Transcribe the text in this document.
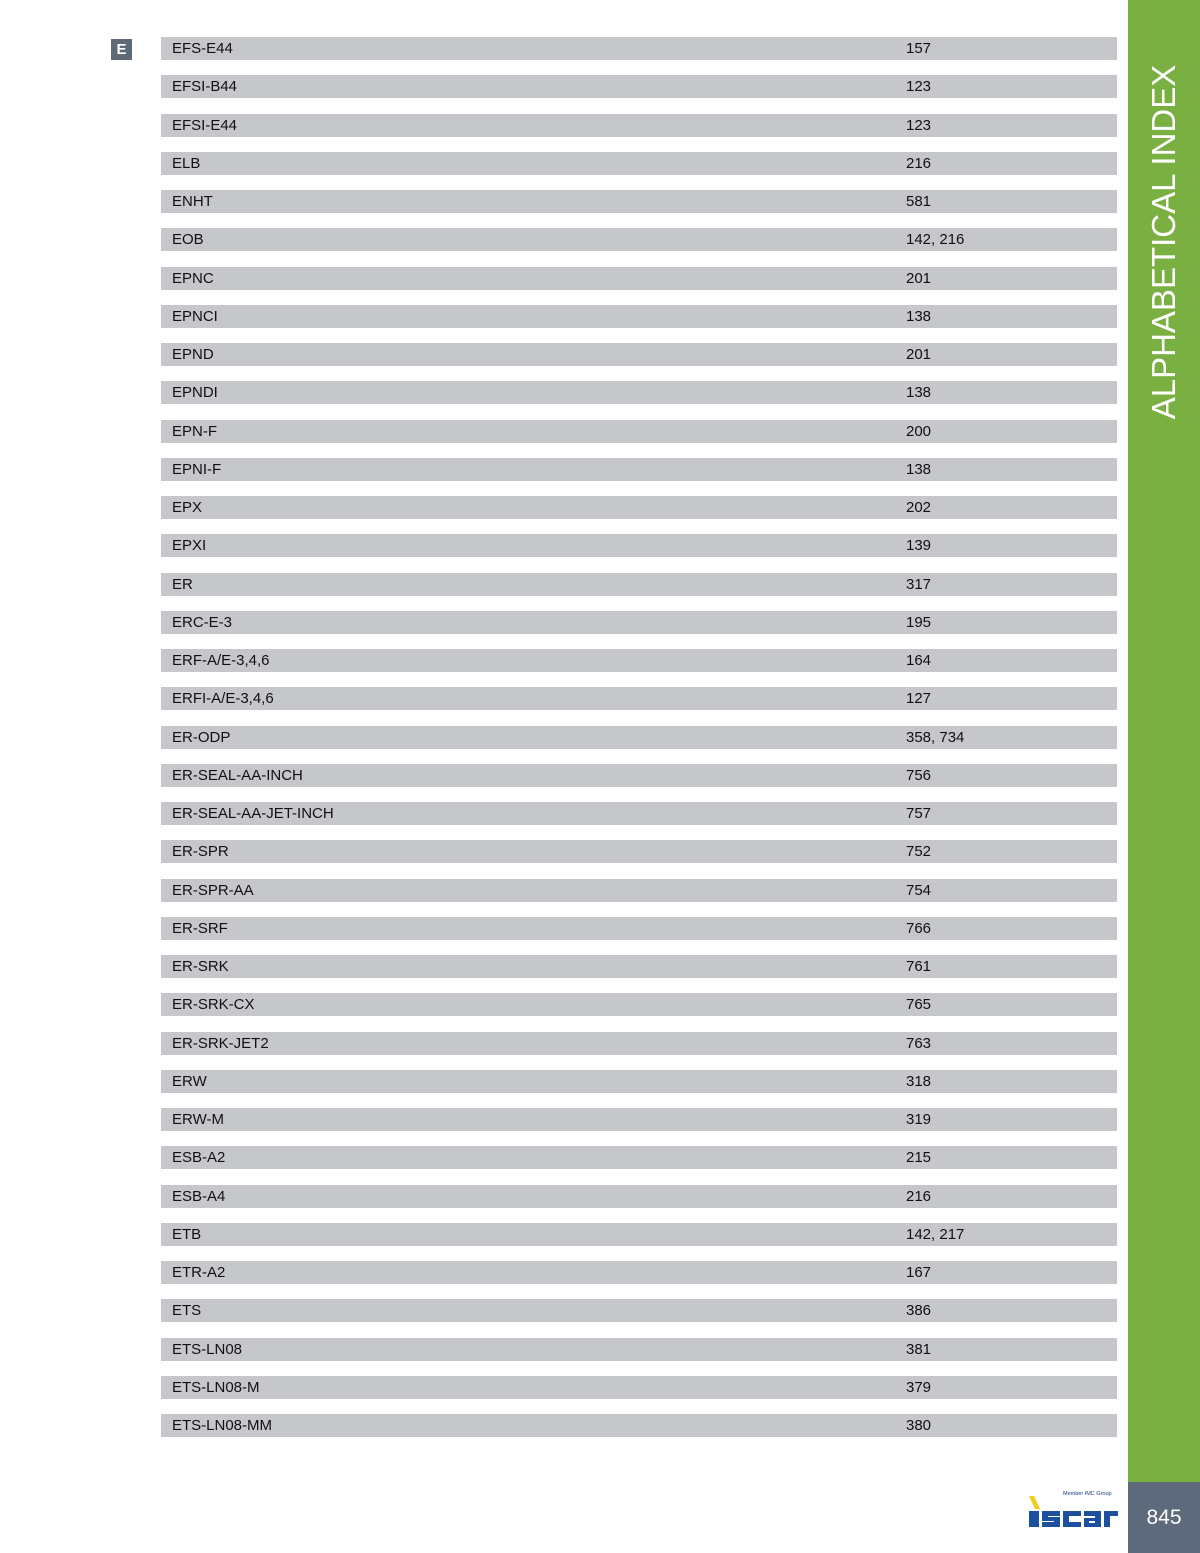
E	EFS-E44	157
EFSI-B44	123
EFSI-E44	123
ELB	216
ENHT	581
EOB	142, 216
EPNC	201
EPNCI	138
EPND	201
EPNDI	138
EPN-F	200
EPNI-F	138
EPX	202
EPXI	139
ER	317
ERC-E-3	195
ERF-A/E-3,4,6	164
ERFI-A/E-3,4,6	127
ER-ODP	358, 734
ER-SEAL-AA-INCH	756
ER-SEAL-AA-JET-INCH	757
ER-SPR	752
ER-SPR-AA	754
ER-SRF	766
ER-SRK	761
ER-SRK-CX	765
ER-SRK-JET2	763
ERW	318
ERW-M	319
ESB-A2	215
ESB-A4	216
ETB	142, 217
ETR-A2	167
ETS	386
ETS-LN08	381
ETS-LN08-M	379
ETS-LN08-MM	380
ALPHABETICAL INDEX
Member IMC Group
845
